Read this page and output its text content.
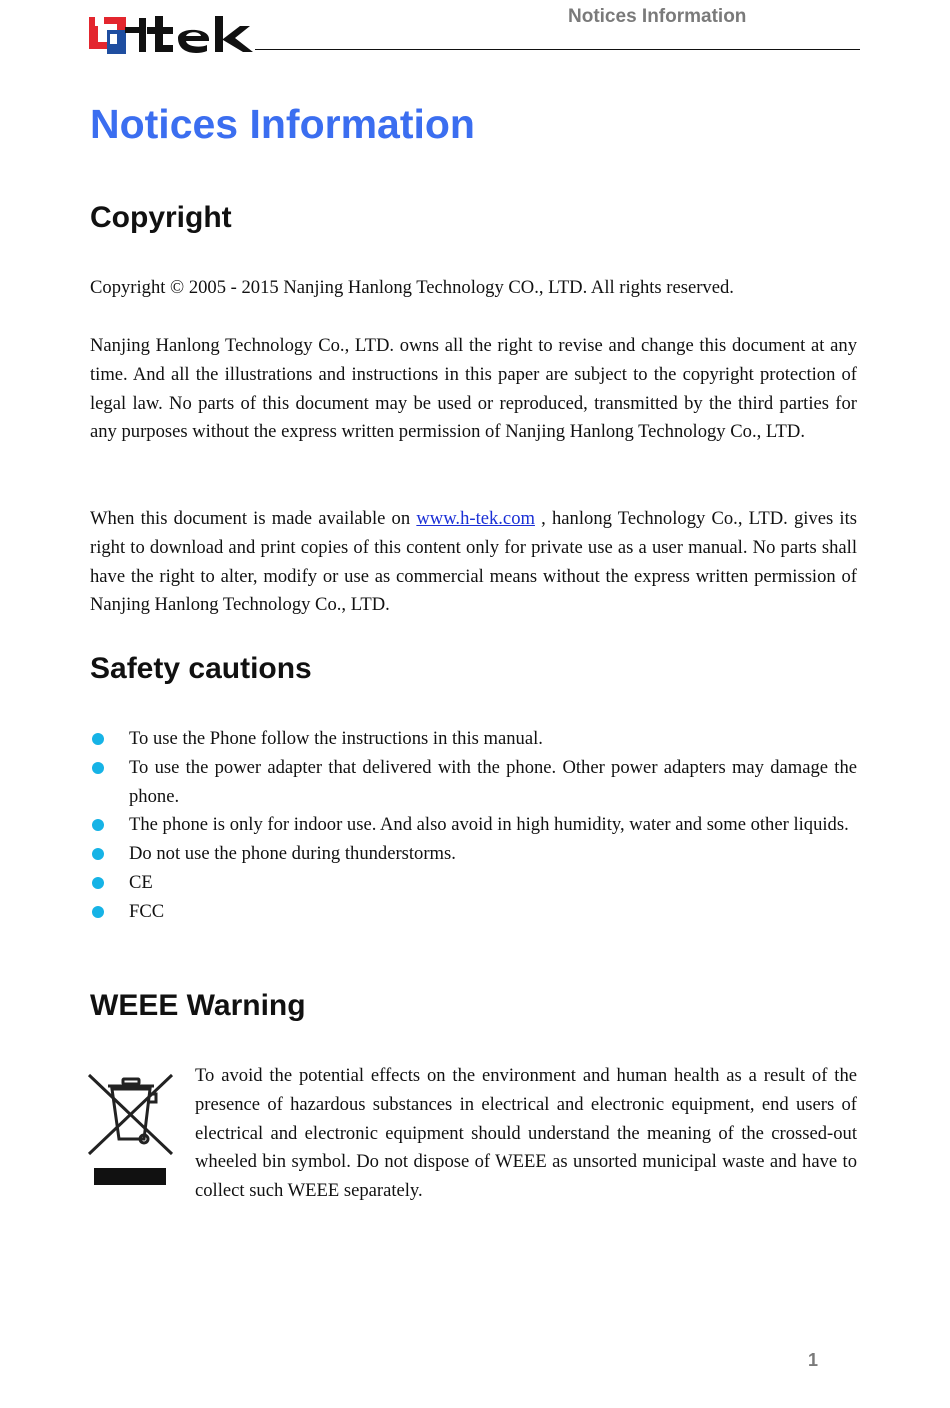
Notices Information
Notices Information
Copyright

Copyright © 2005 - 2015 Nanjing Hanlong Technology CO., LTD. All rights reserved.

Nanjing Hanlong Technology Co., LTD. owns all the right to revise and change this document at any time. And all the illustrations and instructions in this paper are subject to the copyright protection of legal law. No parts of this document may be used or reproduced, transmitted by the third parties for any purposes without the express written permission of Nanjing Hanlong Technology Co., LTD.

When this document is made available on www.h-tek.com , hanlong Technology Co., LTD. gives its right to download and print copies of this content only for private use as a user manual. No parts shall have the right to alter, modify or use as commercial means without the express written permission of Nanjing Hanlong Technology Co., LTD.

Safety cautions
To use the Phone follow the instructions in this manual.
To use the power adapter that delivered with the phone. Other power adapters may damage the phone.
The phone is only for indoor use. And also avoid in high humidity, water and some other liquids.
Do not use the phone during thunderstorms.
CE
FCC
WEEE Warning

To avoid the potential effects on the environment and human health as a result of the presence of hazardous substances in electrical and electronic equipment, end users of electrical and electronic equipment should understand the meaning of the crossed-out wheeled bin symbol. Do not dispose of WEEE as unsorted municipal waste and have to collect such WEEE separately.

1
